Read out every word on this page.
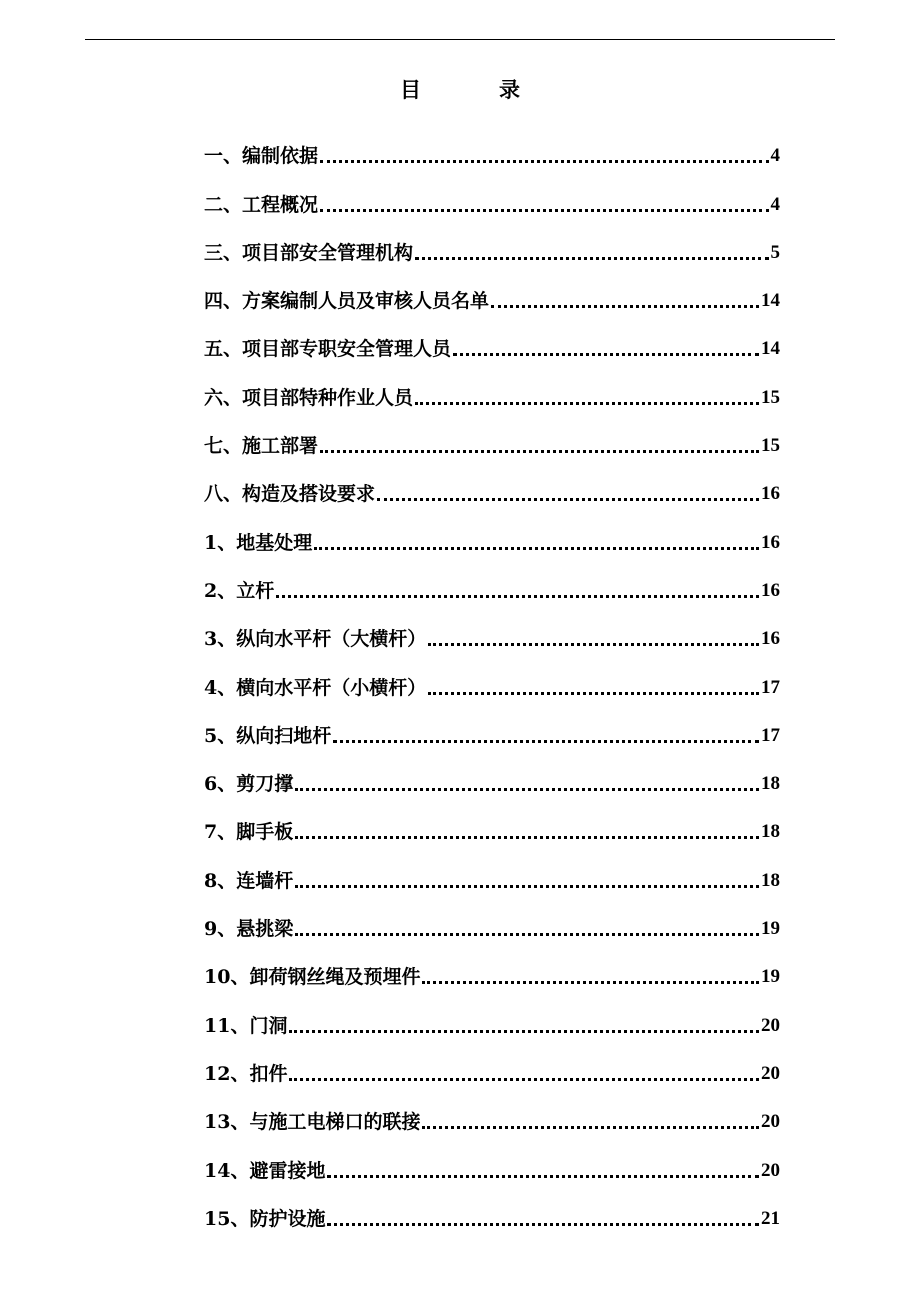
目	录
一、编制依据	4
二、工程概况	4
三、项目部安全管理机构	5
四、方案编制人员及审核人员名单	14
五、项目部专职安全管理人员	14
六、项目部特种作业人员	15
七、施工部署	15
八、构造及搭设要求	16
1、地基处理	16
2、立杆	16
3、纵向水平杆（大横杆）	16
4、横向水平杆（小横杆）	17
5、纵向扫地杆	17
6、剪刀撑	18
7、脚手板	18
8、连墙杆	18
9、悬挑梁	19
10、卸荷钢丝绳及预埋件	19
11、门洞	20
12、扣件	20
13、与施工电梯口的联接	20
14、避雷接地	20
15、防护设施	21
